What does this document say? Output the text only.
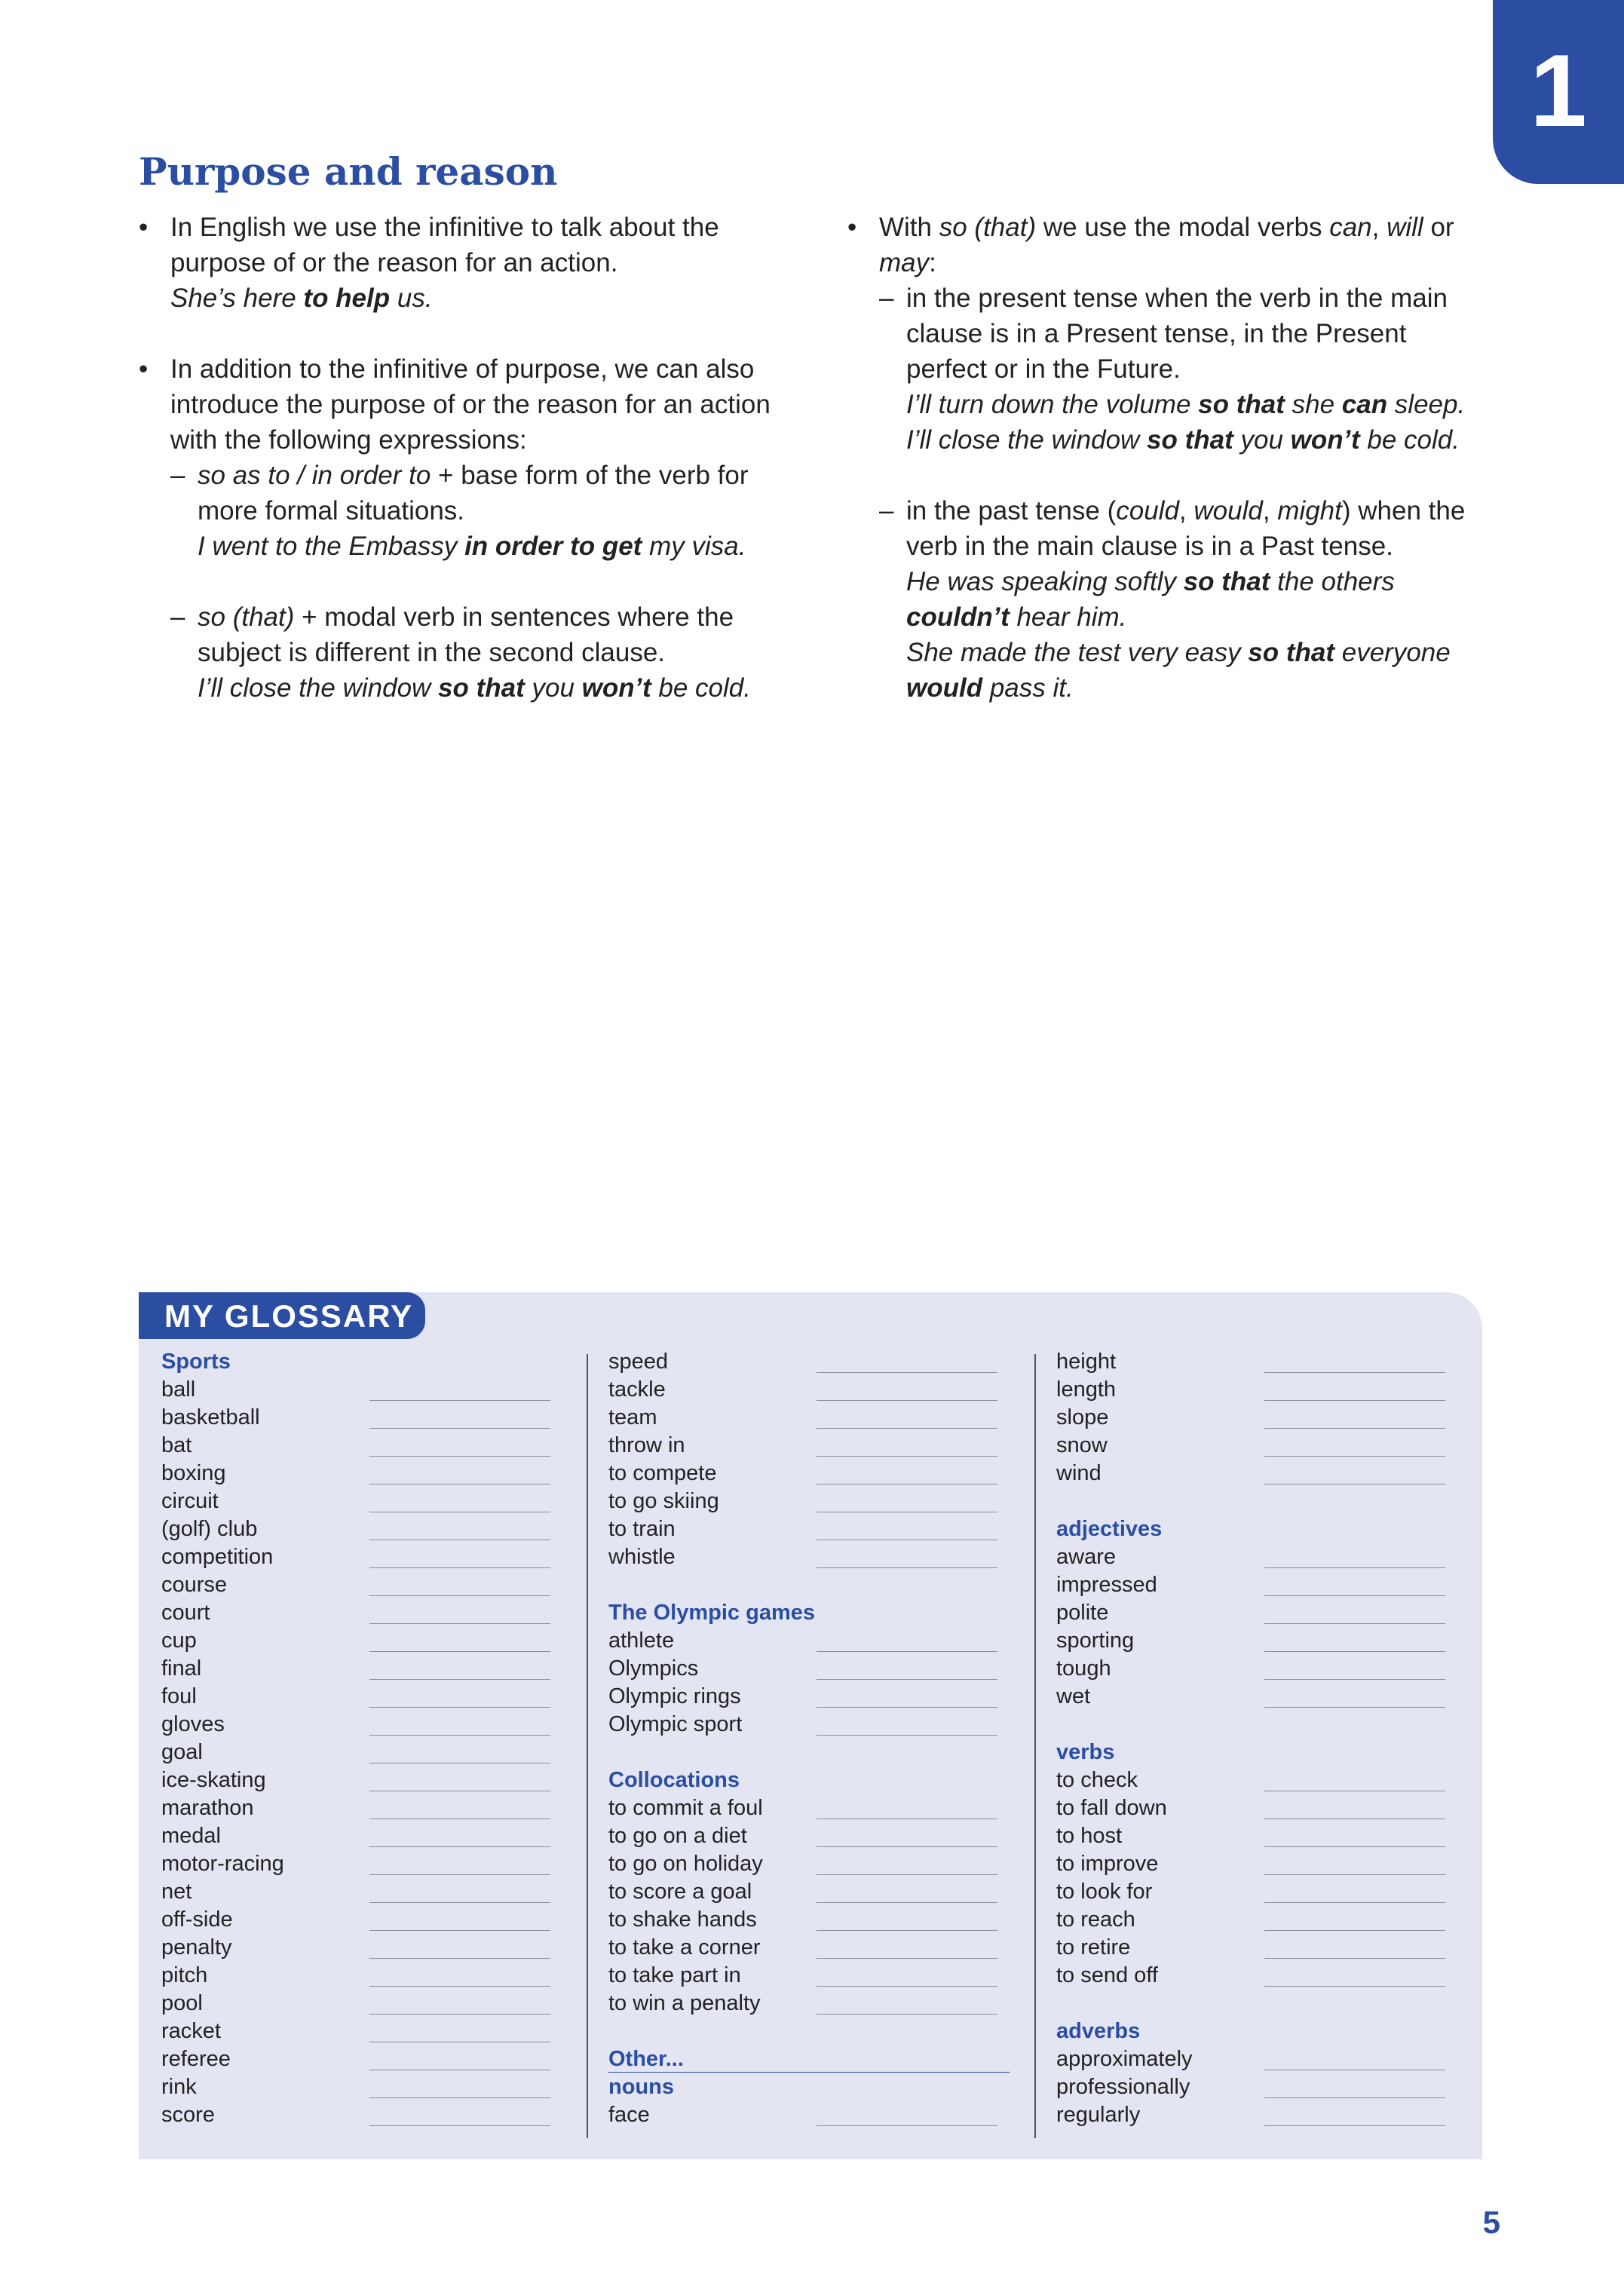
1
Purpose and reason

• In English we use the infinitive to talk about the

purpose of or the reason for an action.

She’s here to help us.

• In addition to the infinitive of purpose, we can also

introduce the purpose of or the reason for an action

with the following expressions:

– so as to / in order to + base form of the verb for

more formal situations.

I went to the Embassy in order to get my visa.

– so (that) + modal verb in sentences where the

subject is different in the second clause.

I’ll close the window so that you won’t be cold.

• With so (that) we use the modal verbs can, will or

may:

– in the present tense when the verb in the main

clause is in a Present tense, in the Present

perfect or in the Future.

I’ll turn down the volume so that she can sleep.

I’ll close the window so that you won’t be cold.

– in the past tense (could, would, might) when the

verb in the main clause is in a Past tense.

He was speaking softly so that the others

couldn’t hear him.

She made the test very easy so that everyone

would pass it.

MY GLOSSARY
Sports
ball
basketball
bat
boxing
circuit
(golf) club
competition
course
court
cup
final
foul
gloves
goal
ice-skating
marathon
medal
motor-racing
net
off-side
penalty
pitch
pool
racket
referee
rink
score
speed
tackle
team
throw in
to compete
to go skiing
to train
whistle
The Olympic games
athlete
Olympics
Olympic rings
Olympic sport
Collocations
to commit a foul
to go on a diet
to go on holiday
to score a goal
to shake hands
to take a corner
to take part in
to win a penalty
Other...
nouns
face
height
length
slope
snow
wind
adjectives
aware
impressed
polite
sporting
tough
wet
verbs
to check
to fall down
to host
to improve
to look for
to reach
to retire
to send off
adverbs
approximately
professionally
regularly
5
